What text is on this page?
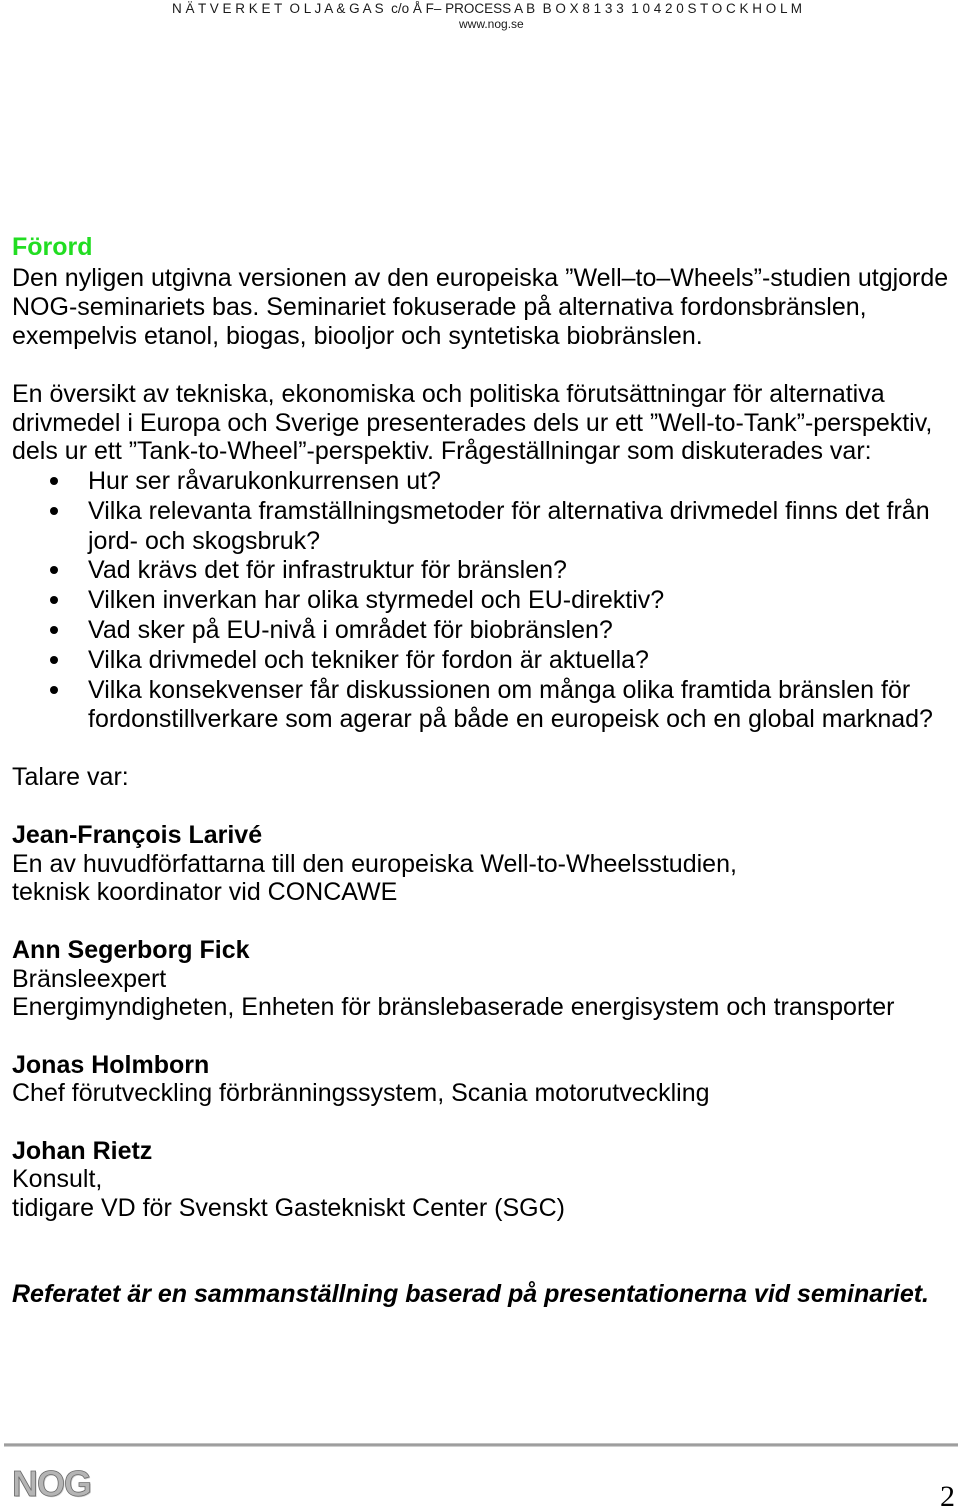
N Ä T V E R K E T  O L J A & G A S  c/o Å F– PROCESS A B  B O X 8 1 3 3  1 0 4 2 0 S T O C K H O L M
www.nog.se
Förord
Den nyligen utgivna versionen av den europeiska ”Well–to–Wheels”-studien utgjorde
NOG-seminariets bas. Seminariet fokuserade på alternativa fordonsbränslen,
exempelvis etanol, biogas, biooljor och syntetiska biobränslen.
En översikt av tekniska, ekonomiska och politiska förutsättningar för alternativa
drivmedel i Europa och Sverige presenterades dels ur ett ”Well-to-Tank”-perspektiv,
dels ur ett ”Tank-to-Wheel”-perspektiv. Frågeställningar som diskuterades var:
Hur ser råvarukonkurrensen ut?
Vilka relevanta framställningsmetoder för alternativa drivmedel finns det från
jord- och skogsbruk?
Vad krävs det för infrastruktur för bränslen?
Vilken inverkan har olika styrmedel och EU-direktiv?
Vad sker på EU-nivå i området för biobränslen?
Vilka drivmedel och tekniker för fordon är aktuella?
Vilka konsekvenser får diskussionen om många olika framtida bränslen för
fordonstillverkare som agerar på både en europeisk och en global marknad?
Talare var:
Jean-François Larivé
En av huvudförfattarna till den europeiska Well-to-Wheelsstudien,
teknisk koordinator vid CONCAWE
Ann Segerborg Fick
Bränsleexpert
Energimyndigheten, Enheten för bränslebaserade energisystem och transporter
Jonas Holmborn
Chef förutveckling förbränningssystem, Scania motorutveckling
Johan Rietz
Konsult,
tidigare VD för Svenskt Gastekniskt Center (SGC)
Referatet är en sammanställning baserad på presentationerna vid seminariet.
NOG	2
